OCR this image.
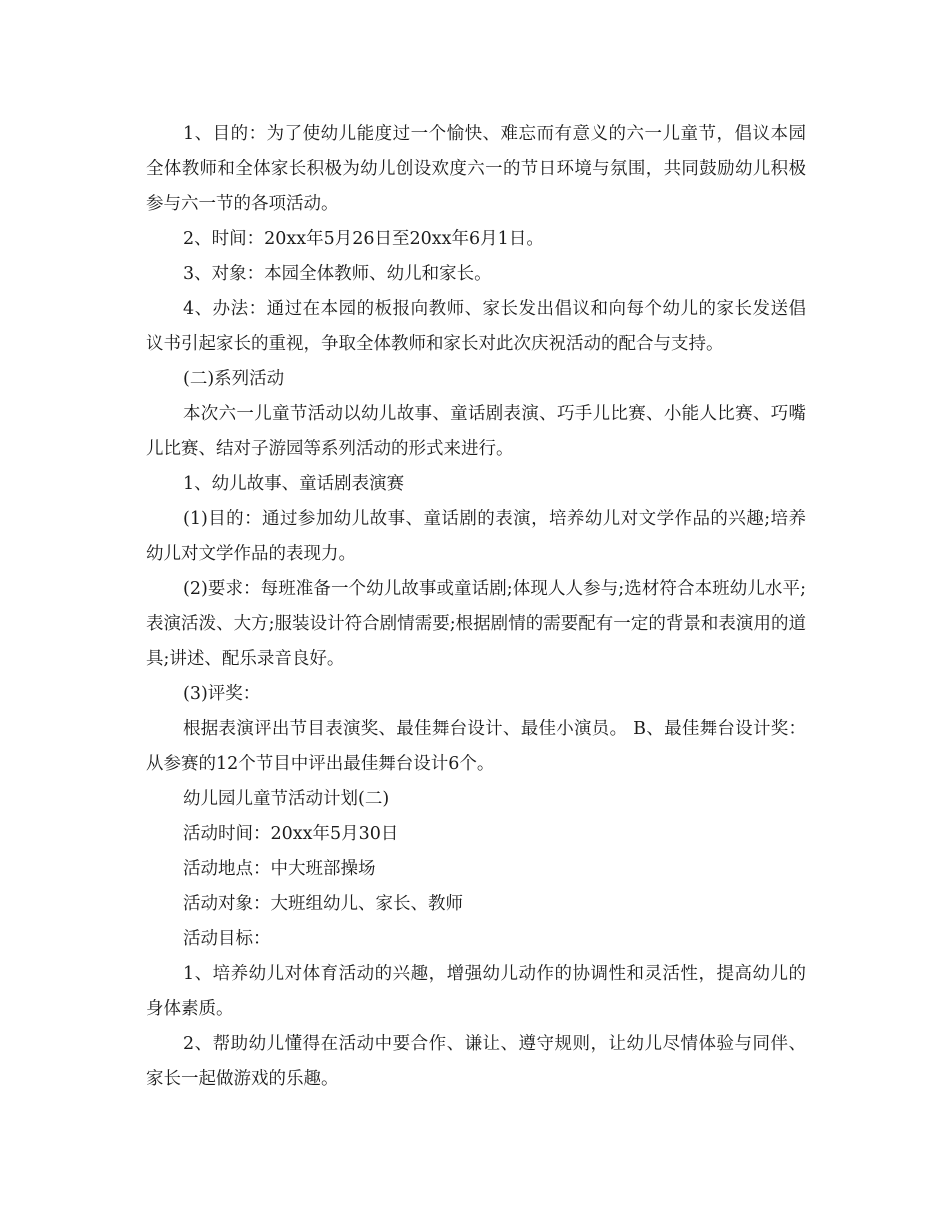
1、目的：为了使幼儿能度过一个愉快、难忘而有意义的六一儿童节，倡议本园全体教师和全体家长积极为幼儿创设欢度六一的节日环境与氛围，共同鼓励幼儿积极参与六一节的各项活动。

2、时间：20xx年5月26日至20xx年6月1日。

3、对象：本园全体教师、幼儿和家长。

4、办法：通过在本园的板报向教师、家长发出倡议和向每个幼儿的家长发送倡议书引起家长的重视，争取全体教师和家长对此次庆祝活动的配合与支持。

(二)系列活动

本次六一儿童节活动以幼儿故事、童话剧表演、巧手儿比赛、小能人比赛、巧嘴儿比赛、结对子游园等系列活动的形式来进行。

1、幼儿故事、童话剧表演赛

(1)目的：通过参加幼儿故事、童话剧的表演，培养幼儿对文学作品的兴趣;培养幼儿对文学作品的表现力。

(2)要求：每班准备一个幼儿故事或童话剧;体现人人参与;选材符合本班幼儿水平;表演活泼、大方;服装设计符合剧情需要;根据剧情的需要配有一定的背景和表演用的道具;讲述、配乐录音良好。

(3)评奖：

根据表演评出节目表演奖、最佳舞台设计、最佳小演员。 B、最佳舞台设计奖：从参赛的12个节目中评出最佳舞台设计6个。

幼儿园儿童节活动计划(二)

活动时间：20xx年5月30日

活动地点：中大班部操场

活动对象：大班组幼儿、家长、教师

活动目标：

1、培养幼儿对体育活动的兴趣，增强幼儿动作的协调性和灵活性，提高幼儿的身体素质。

2、帮助幼儿懂得在活动中要合作、谦让、遵守规则，让幼儿尽情体验与同伴、家长一起做游戏的乐趣。
